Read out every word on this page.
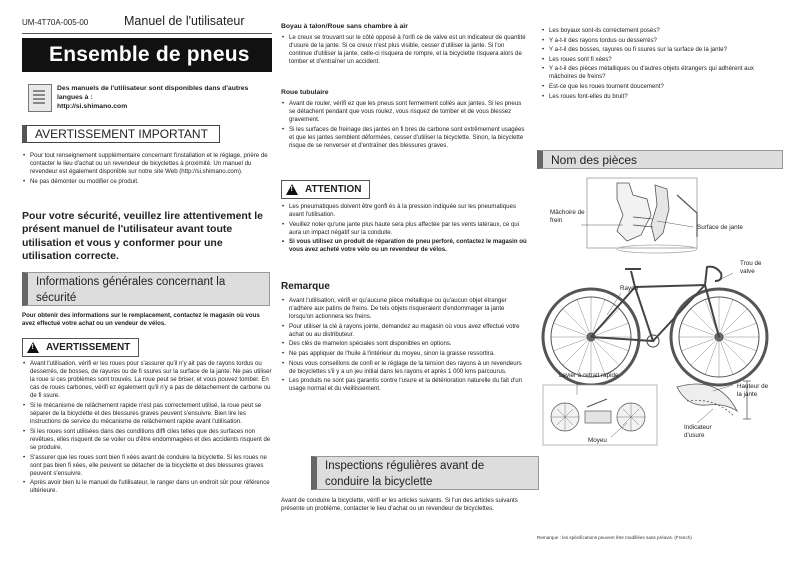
UM-4T70A-005-00	Manuel de l'utilisateur
Ensemble de pneus
Des manuels de l'utilisateur sont disponibles dans d'autres langues à :
http://si.shimano.com
AVERTISSEMENT IMPORTANT
• Pour tout renseignement supplémentaire concernant l'installation et le réglage, prière de contacter le lieu d'achat ou un revendeur de bicyclettes à proximité. Un manuel du revendeur est également disponible sur notre site Web (http://si.shimano.com).
• Ne pas démonter ou modifier ce produit.
Pour votre sécurité, veuillez lire attentivement le présent manuel de l'utilisateur avant toute utilisation et vous y conformer pour une utilisation correcte.
Informations générales concernant la sécurité
Pour obtenir des informations sur le remplacement, contactez le magasin où vous avez effectué votre achat ou un vendeur de vélos.
!
AVERTISSEMENT
• Avant l'utilisation, vérifi er les roues pour s'assurer qu'il n'y ait pas de rayons tordus ou desserrés, de bosses, de rayures ou de fi ssures sur la surface de la jante. Ne pas utiliser la roue si ces problèmes sont trouvés. La roue peut se briser, et vous pouvez tomber. En cas de roues carbones, vérifi ez également qu'il n'y a pas de détachement de carbone ou de fi ssure.
• Si le mécanisme de relâchement rapide n'est pas correctement utilisé, la roue peut se séparer de la bicyclette et des blessures graves peuvent s'ensuivre. Bien lire les instructions de service du mécanisme de relâchement rapide avant l'utilisation.
• Si les roues sont utilisées dans des conditions diffi ciles telles que des surfaces non revêtues, elles risquent de se voiler ou d'être endommagées et des accidents risquent de se produire.
• S'assurer que les roues sont bien fi xées avant de conduire la bicyclette. Si les roues ne sont pas bien fi xées, elle peuvent se détacher de la bicyclette et des blessures graves peuvent s'ensuivre.
• Après avoir bien lu le manuel de l'utilisateur, le ranger dans un endroit sûr pour référence ultérieure.
Boyau à talon/Roue sans chambre à air
• Le creux se trouvant sur le côté opposé à l'orifi ce de valve est un indicateur de quantité d'usure de la jante. Si ce creux n'est plus visible, cesser d'utiliser la jante. Si l'on continue d'utiliser la jante, celle-ci risquera de rompre, et la bicyclette risquera alors de tomber et d'entraîner un accident.
Roue tubulaire
• Avant de rouler, vérifi ez que les pneus sont fermement collés aux jantes. Si les pneus se détachent pendant que vous roulez, vous risquez de tomber et de vous blessez gravement.
• Si les surfaces de freinage des jantes en fi bres de carbone sont extrêmement usagées et que les jantes semblent déformées, cesser d'utiliser la bicyclette. Sinon, la bicyclette risque de se renverser et d'entraîner des blessures graves.
!
ATTENTION
• Les pneumatiques doivent être gonfl és à la pression indiquée sur les pneumatiques avant l'utilisation.
• Veuillez noter qu'une jante plus haute sera plus affectée par les vents latéraux, ce qui aura un impact négatif sur la conduite.
• Si vous utilisez un produit de réparation de pneu perforé, contactez le magasin où vous avez acheté votre vélo ou un revendeur de vélos.
Remarque
• Avant l'utilisation, vérifi er qu'aucune pièce métallique ou qu'aucun objet étranger n'adhère aux patins de freins. De tels objets risqueraient d'endommager la jante lorsqu'on actionnera les freins.
• Pour utiliser la clé à rayons jointe, demandez au magasin où vous avez effectué votre achat ou au distributeur.
• Des clés de mamelon spéciales sont disponibles en options.
• Ne pas appliquer de l'huile à l'intérieur du moyeu, sinon la graisse ressortira.
• Nous vous conseillons de confi er le réglage de la tension des rayons à un revendeurs de bicyclettes s'il y a un jeu initial dans les rayons et après 1 000 kms parcourus.
• Les produits ne sont pas garantis contre l'usure et la détérioration naturelle du fait d'un usage normal et du vieillissement.
Inspections régulières avant de conduire la bicyclette
Avant de conduire la bicyclette, vérifi er les articles suivants. Si l'un des articles suivants présente un problème, contacter le lieu d'achat ou un revendeur de bicyclettes.
• Les boyaux sont-ils correctement posés?
• Y a-t-il des rayons tordus ou desserrés?
• Y a-t-il des bosses, rayures ou fi ssures sur la surface de la jante?
• Les roues sont fi xées?
• Y a-t-il des pièces métalliques ou d'autres objets étrangers qui adhèrent aux mâchoires de freins?
• Est-ce que les roues tournent doucement?
• Les roues font-elles du bruit?
Nom des pièces
Mâchoire de frein
Surface de jante
Trou de valve
Rayon
Levier à retrait rapide
Moyeu
Indicateur d'usure
Hauteur de la jante
Remarque : les spécifications peuvent être modifiées sans préavis. (French)
